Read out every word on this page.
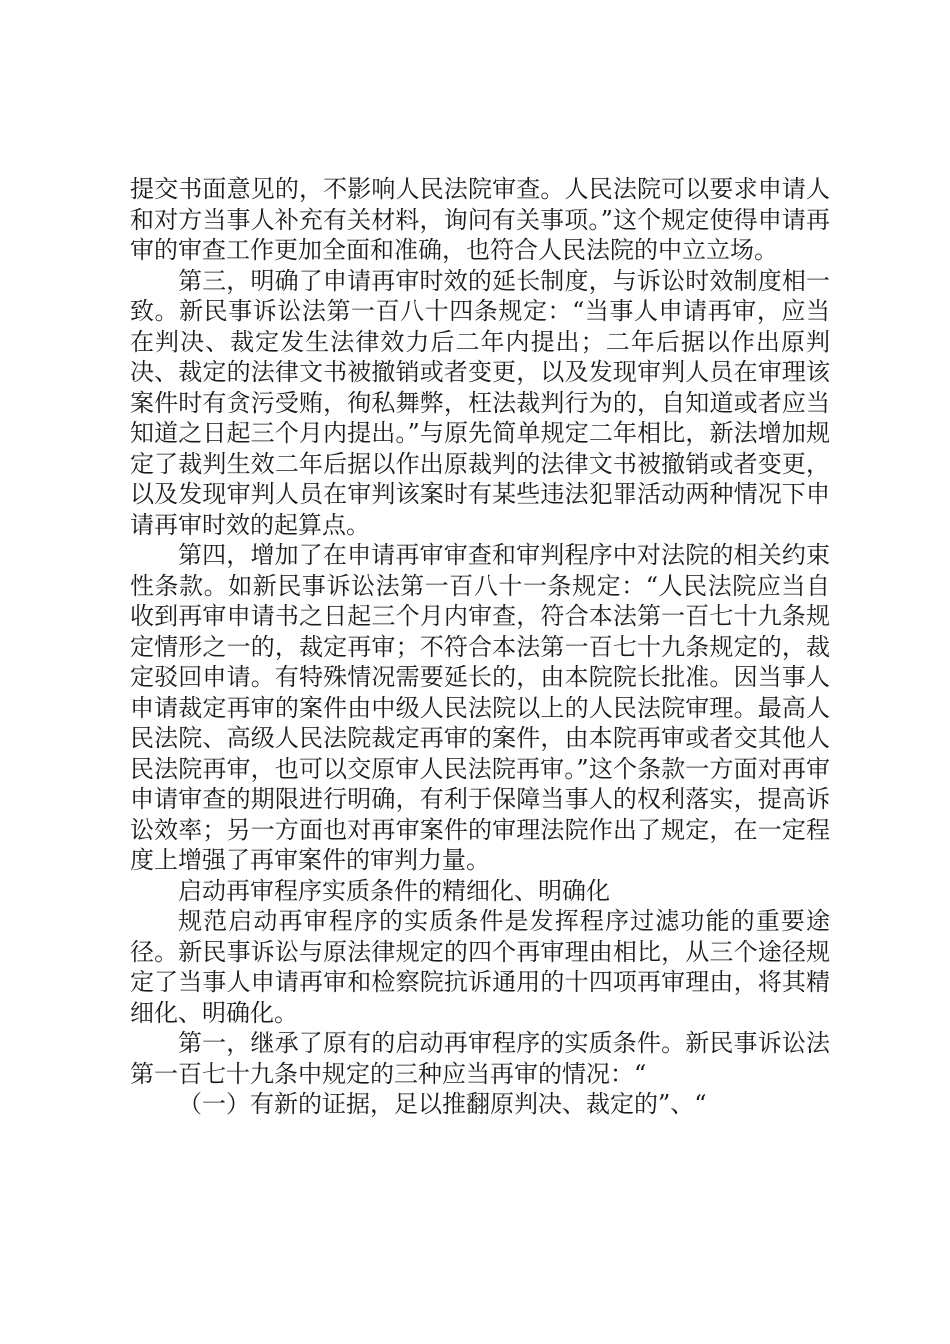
提交书面意见的，不影响人民法院审查。人民法院可以要求申请人和对方当事人补充有关材料，询问有关事项。”这个规定使得申请再审的审查工作更加全面和准确，也符合人民法院的中立立场。

第三，明确了申请再审时效的延长制度，与诉讼时效制度相一致。新民事诉讼法第一百八十四条规定：“当事人申请再审，应当在判决、裁定发生法律效力后二年内提出；二年后据以作出原判决、裁定的法律文书被撤销或者变更，以及发现审判人员在审理该案件时有贪污受贿，徇私舞弊，枉法裁判行为的，自知道或者应当知道之日起三个月内提出。”与原先简单规定二年相比，新法增加规定了裁判生效二年后据以作出原裁判的法律文书被撤销或者变更，以及发现审判人员在审判该案时有某些违法犯罪活动两种情况下申请再审时效的起算点。

第四，增加了在申请再审审查和审判程序中对法院的相关约束性条款。如新民事诉讼法第一百八十一条规定：“人民法院应当自收到再审申请书之日起三个月内审查，符合本法第一百七十九条规定情形之一的，裁定再审；不符合本法第一百七十九条规定的，裁定驳回申请。有特殊情况需要延长的，由本院院长批准。因当事人申请裁定再审的案件由中级人民法院以上的人民法院审理。最高人民法院、高级人民法院裁定再审的案件，由本院再审或者交其他人民法院再审，也可以交原审人民法院再审。”这个条款一方面对再审申请审查的期限进行明确，有利于保障当事人的权利落实，提高诉讼效率；另一方面也对再审案件的审理法院作出了规定，在一定程度上增强了再审案件的审判力量。

启动再审程序实质条件的精细化、明确化

规范启动再审程序的实质条件是发挥程序过滤功能的重要途径。新民事诉讼与原法律规定的四个再审理由相比，从三个途径规定了当事人申请再审和检察院抗诉通用的十四项再审理由，将其精细化、明确化。

第一，继承了原有的启动再审程序的实质条件。新民事诉讼法第一百七十九条中规定的三种应当再审的情况：“

（一）有新的证据，足以推翻原判决、裁定的”、“
